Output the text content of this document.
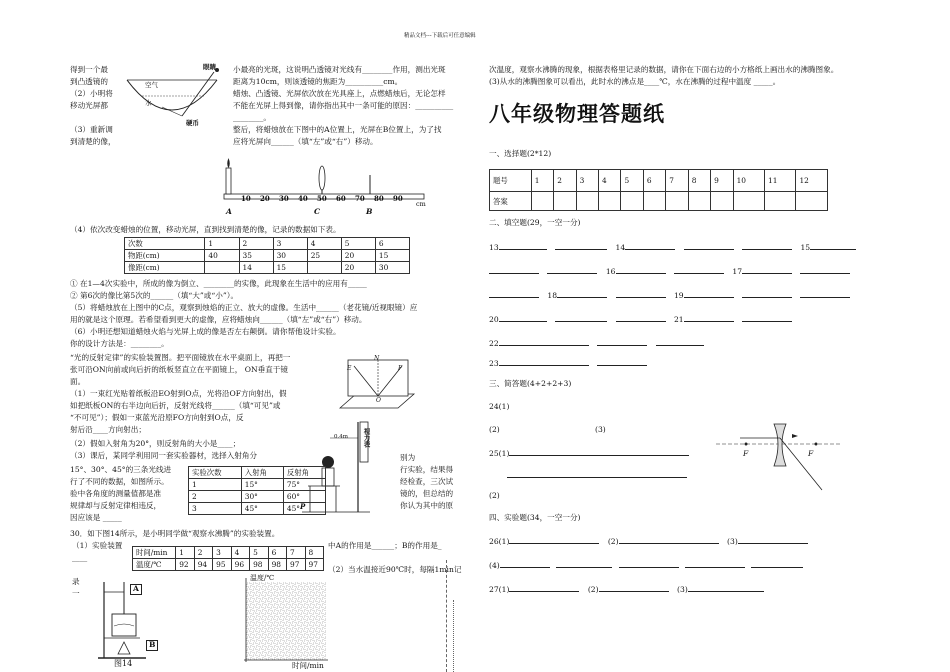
精品文档---下载后可任意编辑
眼睛
空气
水
硬币
得到一个最
到凸透镜的
（2）小明将
移动光屏都
小最亮的光斑，这说明凸透镜对光线有________作用，测出光斑
距离为10cm，则该透镜的焦距为__________cm。
蜡烛、凸透镜、光屏依次放在光具座上，点燃蜡烛后，无论怎样
不能在光屏上得到像，请你指出其中一条可能的原因：__________
________。
（3）重新调
到清楚的像，
整后，将蜡烛放在下图中的A位置上，光屏在B位置上，为了找
应将光屏向______（填“左”或“右”）移动。
10 20 30 40 50 60 70 80 90
cm
A	C	B
（4）依次改变蜡烛的位置，移动光屏，直到找到清楚的像，记录的数据如下表。
次数	1	2	3	4	5	6
物距(cm)	40	35	30	25	20	15
像距(cm)		14	15		20	30
① 在1—4次实验中，所成的像为倒立、________的实像，此现象在生活中的应用有_____
② 第6次的像比第5次的______（填“大”或“小”）。
（5）将蜡烛放在上图中的C点，观察到烛焰的正立、放大的虚像。生活中______（老花镜/近视眼镜）应
用的就是这个原理。若希望看到更大的虚像，应将蜡烛向______（填“左”或“右”）移动。
（6）小明还想知道蜡烛火焰与光屏上成的像是否左右颠倒。请你帮他设计实验。
你的设计方法是：________。
“光的反射定律”的实验装置图。把平面镜放在水平桌面上，再把一
张可沿ON向前或向后折的纸板竖直立在平面镜上， ON垂直于镜
面。
（1）一束红光贴着纸板沿EO射到O点，光将沿OF方向射出，假
如把纸板ON的右半边向后折，反射光线将______（填“可见”或
“不可见”）；假如一束蓝光沿原FO方向射到O点，反
射后沿____方向射出；
（2）假如入射角为20°，则反射角的大小是____；
（3）课后，某同学利用同一套实验器材，选择入射角分
E
N
F
O
视力表
0.4m
P
15°、30°、45°的三条光线进
行了不同的数据，如图所示。
验中各角度的测量值都是准
规律却与反射定律相违反，
因应该是 _____
别为
行实验，结果得
经检查，三次试
镜的，但总结的
你认为其中的原
实验次数	入射角	反射角
1	15°	75°
2	30°	60°
3	45°	45°
30．如下图14所示，是小明同学做“观察水沸腾”的实验装置。
（1）实验装置
____
录
一
中A的作用是______；B的作用是_
（2）当水温接近90℃时，每隔1min记
时间/min	1	2	3	4	5	6	7	8
温度/℃	92	94	95	96	98	98	97	97
A
B
图14
温度/℃
时间/min
次温度，观察水沸腾的现象，根据表格里记录的数据，请你在下面右边的小方格纸上画出水的沸腾图象。
(3)从水的沸腾图象可以看出，此时水的沸点是____℃，水在沸腾的过程中温度 _____。
八年级物理答题纸
一、选择题(2*12)
题号	1	2	3	4	5	6	7	8	9	10	11	12
答案												
二、填空题(29，一空一分)
13	14	15
16	17
18	19
20	21
22
23
三、简答题(4+2+2+3)
24(1)
(2)	(3)
25(1)
(2)
F	F
四、实验题(34，一空一分)
26(1)	(2)	(3)
(4)
27(1)	(2)	(3)
